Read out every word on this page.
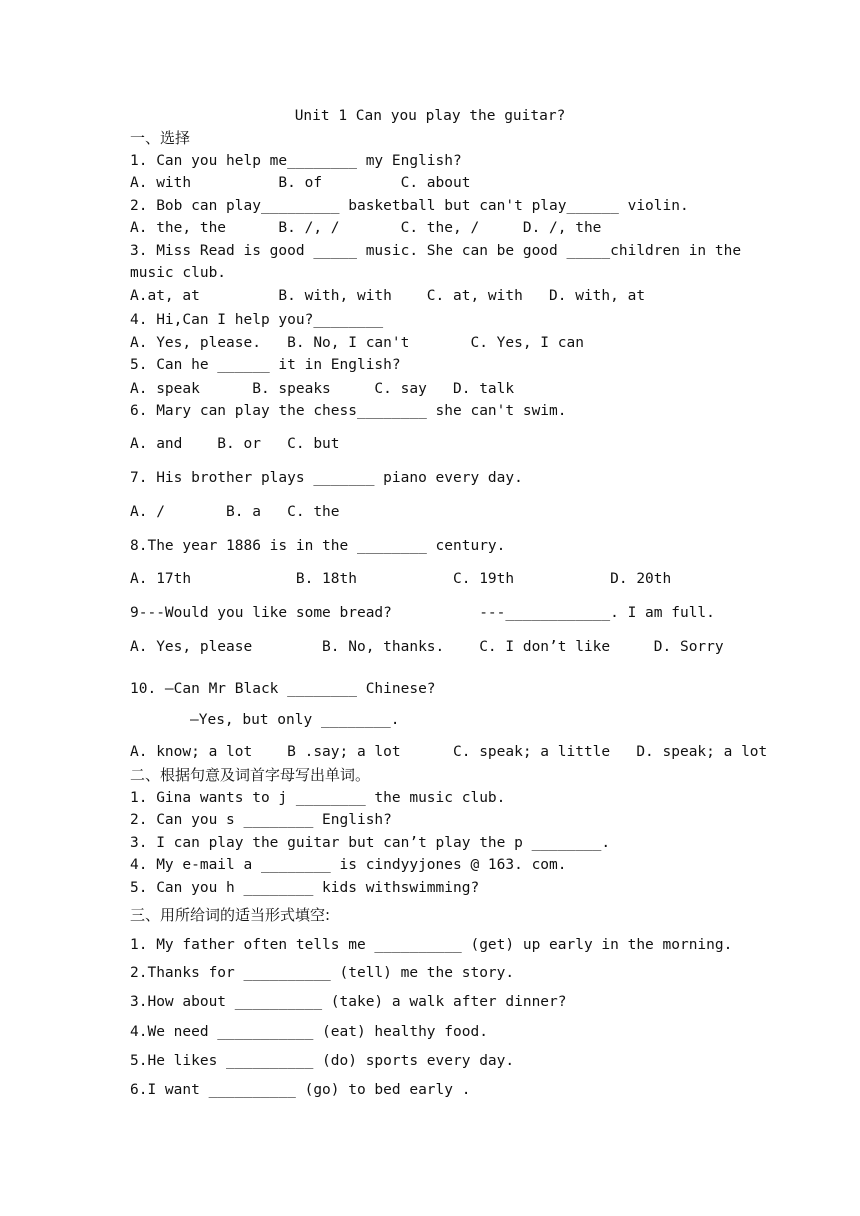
Unit 1 Can you play the guitar?
一、选择
1. Can you help me________ my English?
A. with          B. of         C. about
2. Bob can play_________ basketball but can't play______ violin.
A. the, the      B. /, /       C. the, /     D. /, the
3. Miss Read is good _____ music. She can be good _____children in the
music club.
A.at, at         B. with, with    C. at, with   D. with, at
4. Hi,Can I help you?________
A. Yes, please.   B. No, I can't       C. Yes, I can
5. Can he ______ it in English?
A. speak      B. speaks     C. say   D. talk
6. Mary can play the chess________ she can't swim.
A. and    B. or   C. but
7. His brother plays _______ piano every day.
A. /       B. a   C. the
8.The year 1886 is in the ________ century.
A. 17th            B. 18th           C. 19th           D. 20th
9---Would you like some bread?          ---____________. I am full.
A. Yes, please        B. No, thanks.    C. I don’t like     D. Sorry
10. —Can Mr Black ________ Chinese?
—Yes, but only ________.
A. know; a lot    B .say; a lot      C. speak; a little   D. speak; a lot
二、根据句意及词首字母写出单词。
1. Gina wants to j ________ the music club.
2. Can you s ________ English?
3. I can play the guitar but can’t play the p ________.
4. My e-mail a ________ is cindyyjones @ 163. com.
5. Can you h ________ kids withswimming?
三、用所给词的适当形式填空:
1. My father often tells me __________ (get) up early in the morning.
2.Thanks for __________ (tell) me the story.
3.How about __________ (take) a walk after dinner?
4.We need ___________ (eat) healthy food.
5.He likes __________ (do) sports every day.
6.I want __________ (go) to bed early .
